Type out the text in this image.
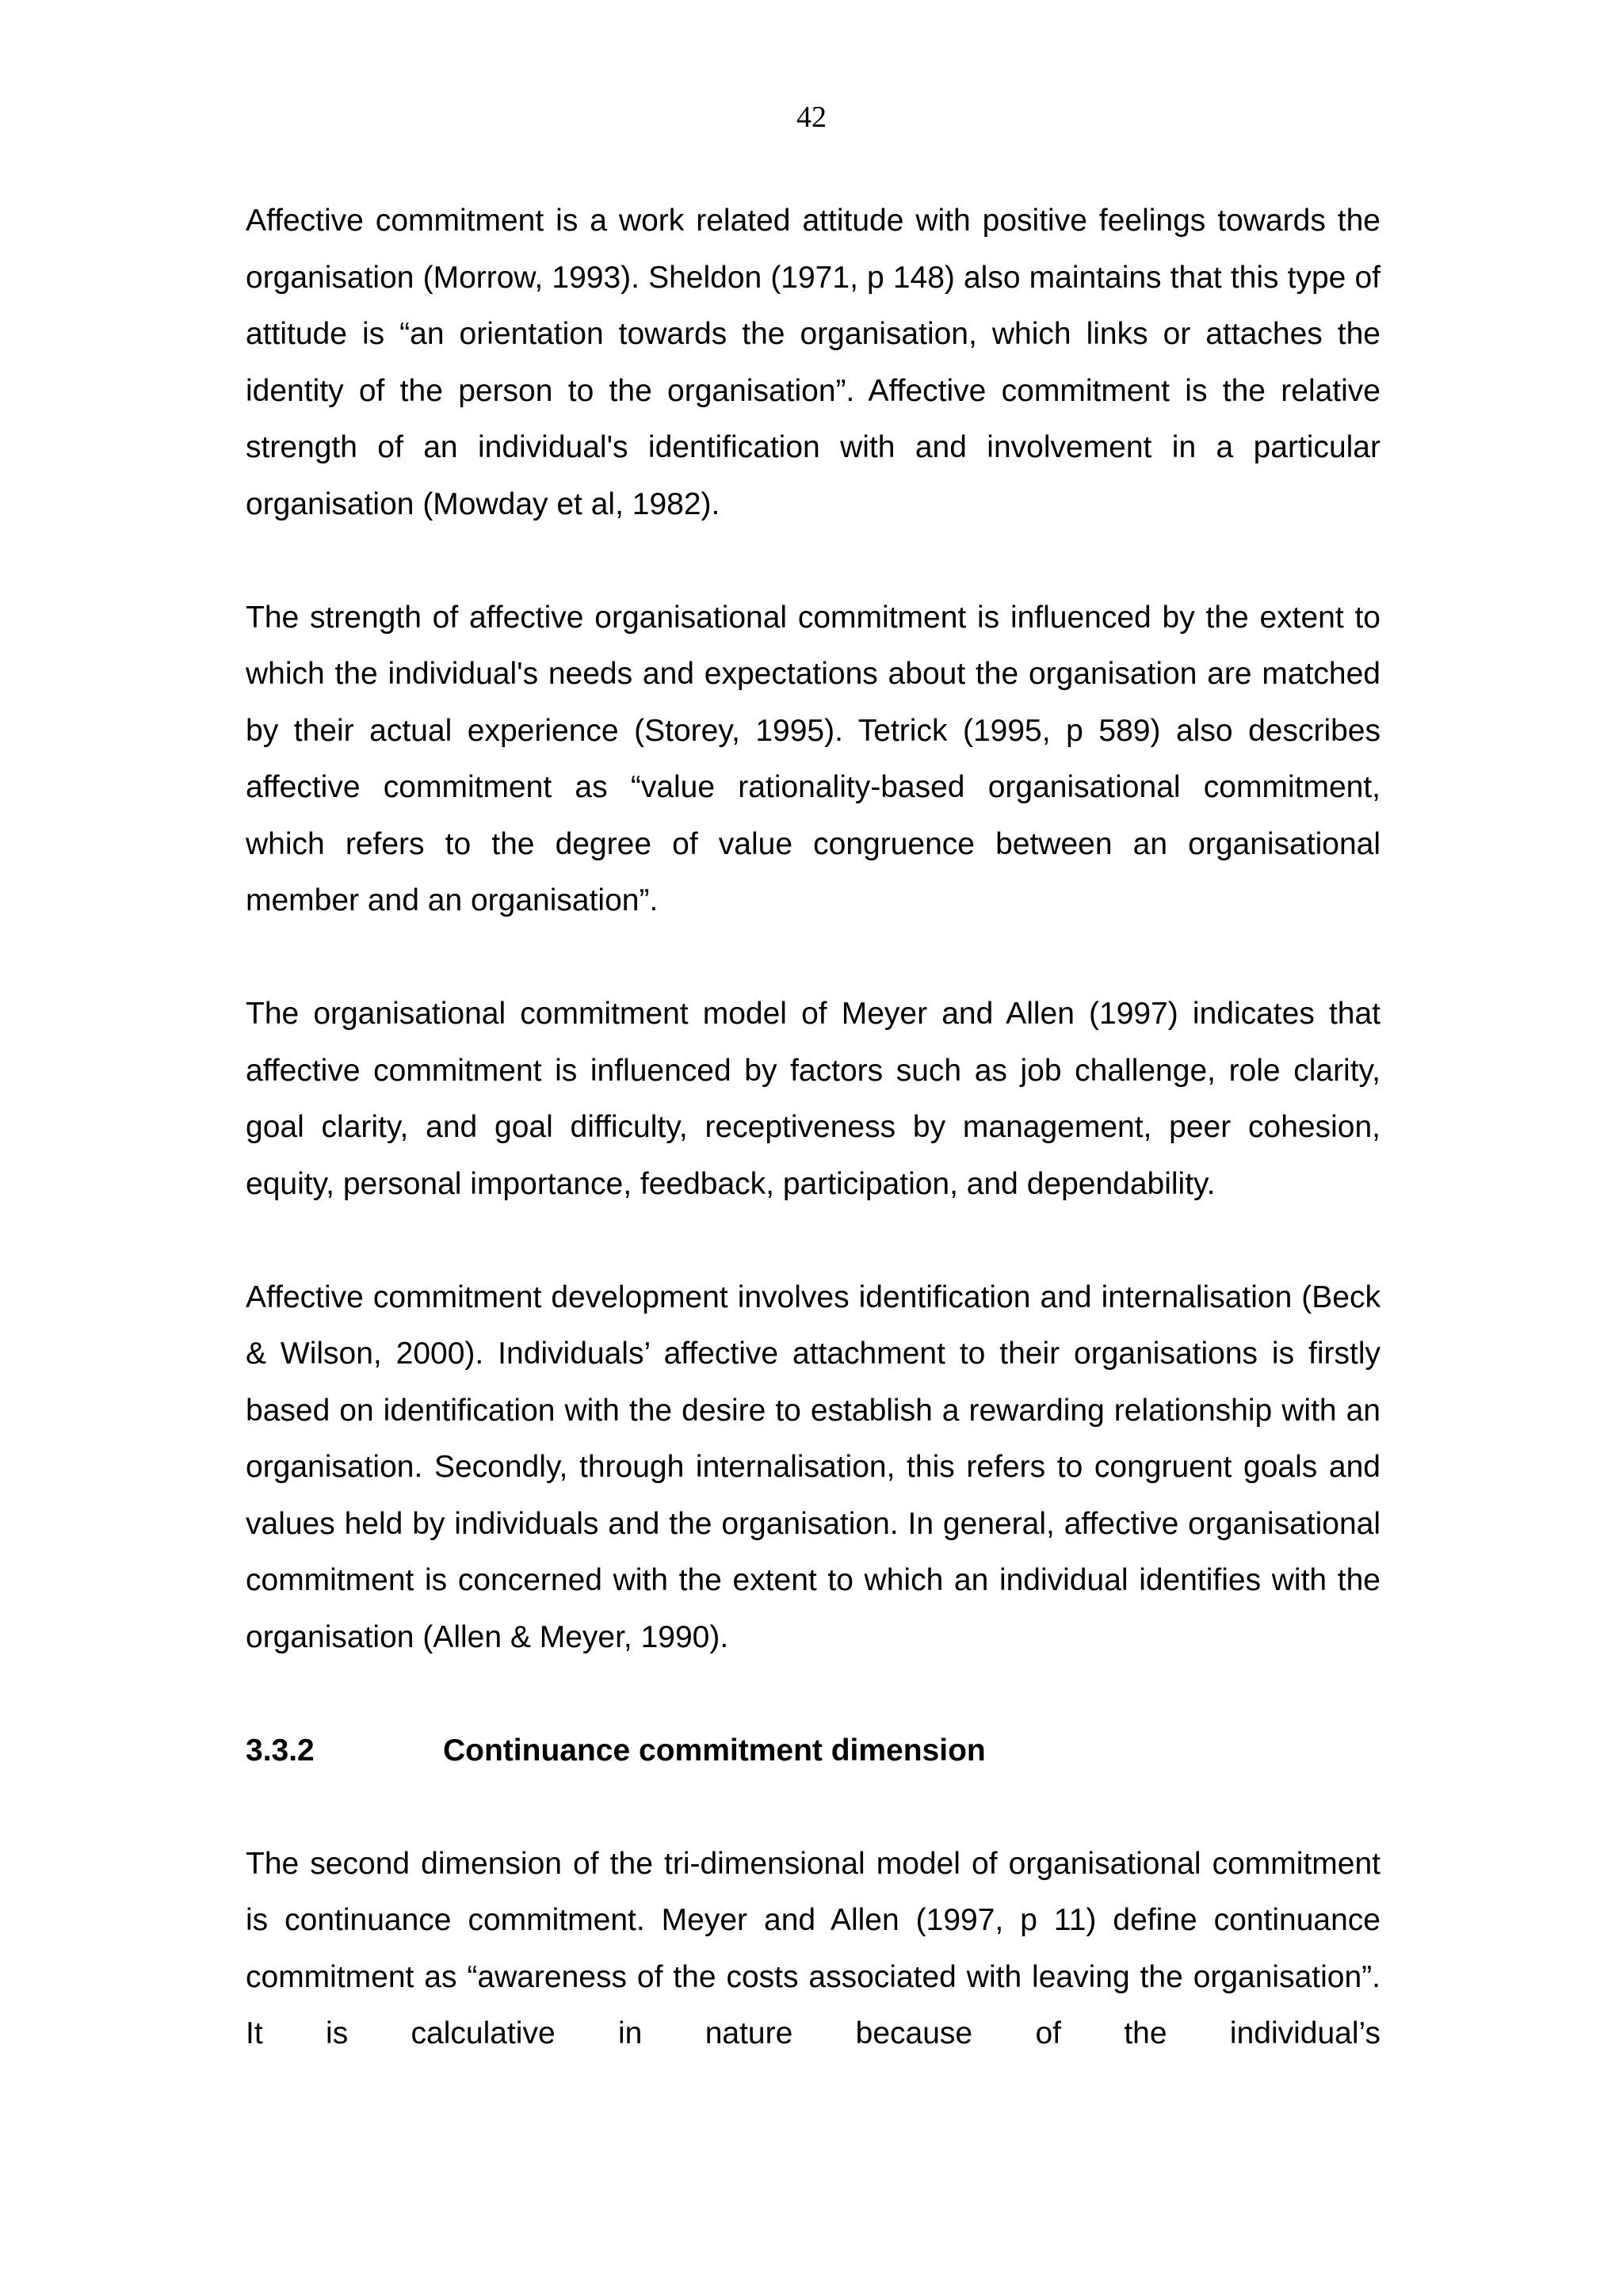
42

Affective commitment is a work related attitude with positive feelings towards the organisation (Morrow, 1993). Sheldon (1971, p 148) also maintains that this type of attitude is “an orientation towards the organisation, which links or attaches the identity of the person to the organisation”. Affective commitment is the relative strength of an individual's identification with and involvement in a particular organisation (Mowday et al, 1982).

The strength of affective organisational commitment is influenced by the extent to which the individual's needs and expectations about the organisation are matched by their actual experience (Storey, 1995). Tetrick (1995, p 589) also describes affective commitment as “value rationality-based organisational commitment, which refers to the degree of value congruence between an organisational member and an organisation”.

The organisational commitment model of Meyer and Allen (1997) indicates that affective commitment is influenced by factors such as job challenge, role clarity, goal clarity, and goal difficulty, receptiveness by management, peer cohesion, equity, personal importance, feedback, participation, and dependability.

Affective commitment development involves identification and internalisation (Beck & Wilson, 2000). Individuals’ affective attachment to their organisations is firstly based on identification with the desire to establish a rewarding relationship with an organisation. Secondly, through internalisation, this refers to congruent goals and values held by individuals and the organisation. In general, affective organisational commitment is concerned with the extent to which an individual identifies with the organisation (Allen & Meyer, 1990).

3.3.2	Continuance commitment dimension

The second dimension of the tri-dimensional model of organisational commitment is continuance commitment. Meyer and Allen (1997, p 11) define continuance commitment as “awareness of the costs associated with leaving the organisation”. It is calculative in nature because of the individual’s
